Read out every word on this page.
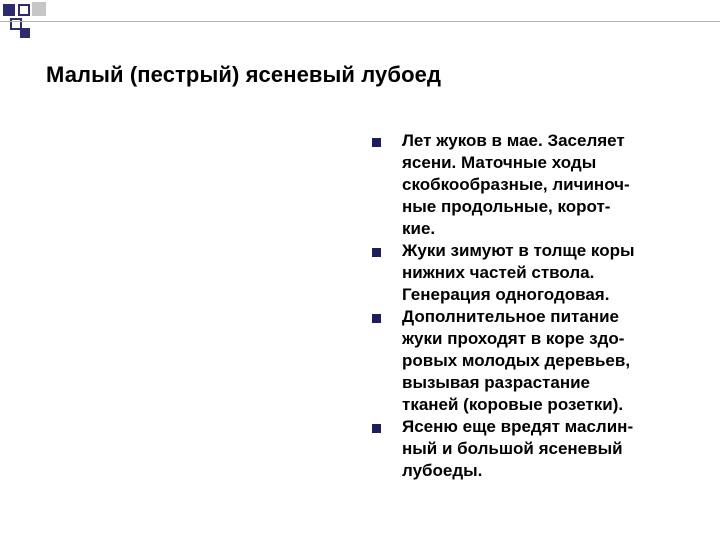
Малый (пестрый) ясеневый лубоед
Лет жуков в мае. Заселяет
ясени. Маточные ходы
скобкообразные, личиноч-
ные продольные, корот-
кие.
Жуки зимуют в толще коры
нижних частей ствола.
Генерация одногодовая.
Дополнительное питание
жуки проходят в коре здо-
ровых молодых деревьев,
вызывая разрастание
тканей (коровые розетки).
Ясеню еще вредят маслин-
ный и большой ясеневый
лубоеды.
